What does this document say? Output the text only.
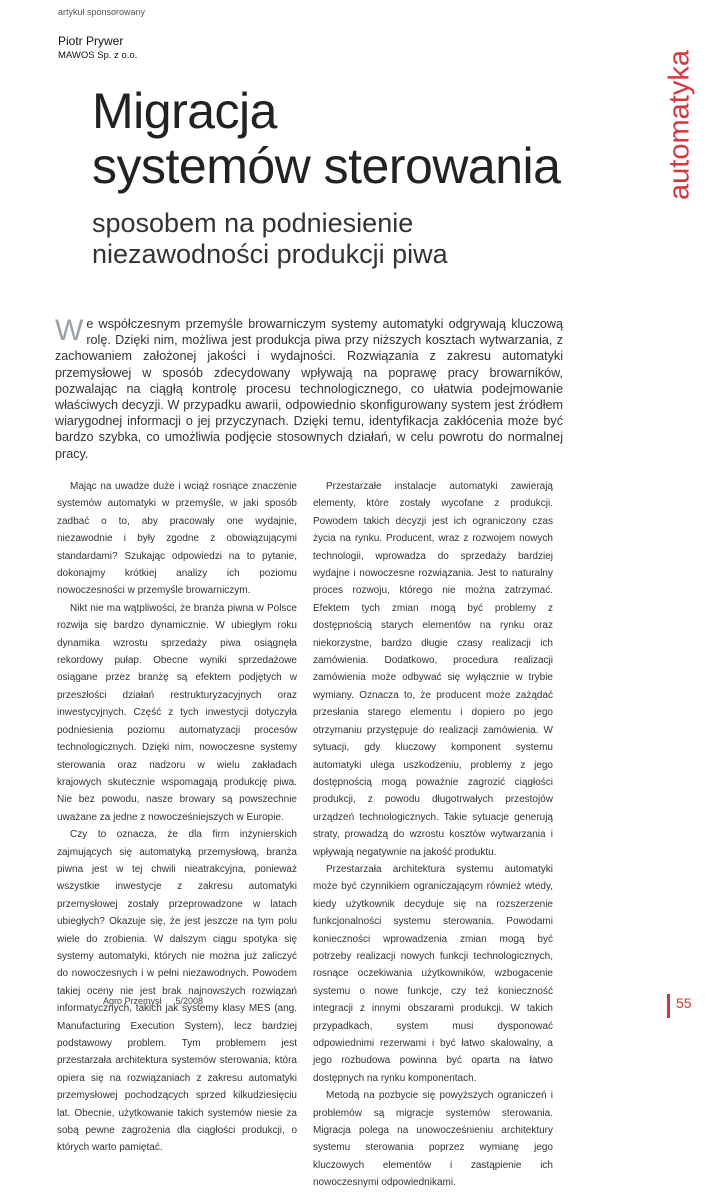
artykuł sponsorowany
Piotr Prywer
MAWOS Sp. z o.o.
Migracja
systemów sterowania
sposobem na podniesienie
niezawodności produkcji piwa
automatyka
We współczesnym przemyśle browarniczym systemy automatyki odgrywają kluczową rolę. Dzięki nim, możliwa jest produkcja piwa przy niższych kosztach wytwarzania, z zachowaniem założonej jakości i wydajności. Rozwiązania z zakresu automatyki przemysłowej w sposób zdecydowany wpływają na poprawę pracy browarników, pozwalając na ciągłą kontrolę procesu technologicznego, co ułatwia podejmowanie właściwych decyzji. W przypadku awarii, odpowiednio skonfigurowany system jest źródłem wiarygodnej informacji o jej przyczynach. Dzięki temu, identyfikacja zakłócenia może być bardzo szybka, co umożliwia podjęcie stosownych działań, w celu powrotu do normalnej pracy.

Mając na uwadze duże i wciąż rosnące znaczenie systemów automatyki w przemyśle, w jaki sposób zadbać o to, aby pracowały one wydajnie, niezawodnie i były zgodne z obowiązującymi standardami? Szukając odpowiedzi na to pytanie, dokonajmy krótkiej analizy ich poziomu nowoczesności w przemyśle browarniczym.

Nikt nie ma wątpliwości, że branża piwna w Polsce rozwija się bardzo dynamicznie. W ubiegłym roku dynamika wzrostu sprzedaży piwa osiągnęła rekordowy pułap. Obecne wyniki sprzedażowe osiągane przez branżę są efektem podjętych w przeszłości działań restrukturyzacyjnych oraz inwestycyjnych. Część z tych inwestycji dotyczyła podniesienia poziomu automatyzacji procesów technologicznych. Dzięki nim, nowoczesne systemy sterowania oraz nadzoru w wielu zakładach krajowych skutecznie wspomagają produkcję piwa. Nie bez powodu, nasze browary są powszechnie uważane za jedne z nowocześniejszych w Europie.

Czy to oznacza, że dla firm inżynierskich zajmujących się automatyką przemysłową, branża piwna jest w tej chwili nieatrakcyjna, ponieważ wszystkie inwestycje z zakresu automatyki przemysłowej zostały przeprowadzone w latach ubiegłych? Okazuje się, że jest jeszcze na tym polu wiele do zrobienia. W dalszym ciągu spotyka się systemy automatyki, których nie można już zaliczyć do nowoczesnych i w pełni niezawodnych. Powodem takiej oceny nie jest brak najnowszych rozwiązań informatycznych, takich jak systemy klasy MES (ang. Manufacturing Execution System), lecz bardziej podstawowy problem. Tym problemem jest przestarzała architektura systemów sterowania, która opiera się na rozwiązaniach z zakresu automatyki przemysłowej pochodzących sprzed kilkudziesięciu lat. Obecnie, użytkowanie takich systemów niesie za sobą pewne zagrożenia dla ciągłości produkcji, o których warto pamiętać.

Przestarzałe instalacje automatyki zawierają elementy, które zostały wycofane z produkcji. Powodem takich decyzji jest ich ograniczony czas życia na rynku. Producent, wraz z rozwojem nowych technologii, wprowadza do sprzedaży bardziej wydajne i nowoczesne rozwiązania. Jest to naturalny proces rozwoju, którego nie można zatrzymać. Efektem tych zmian mogą być problemy z dostępnością starych elementów na rynku oraz niekorzystne, bardzo długie czasy realizacji ich zamówienia. Dodatkowo, procedura realizacji zamówienia może odbywać się wyłącznie w trybie wymiany. Oznacza to, że producent może zażądać przesłania starego elementu i dopiero po jego otrzymaniu przystępuje do realizacji zamówienia. W sytuacji, gdy kluczowy komponent systemu automatyki ulega uszkodzeniu, problemy z jego dostępnością mogą poważnie zagrozić ciągłości produkcji, z powodu długotrwałych przestojów urządzeń technologicznych. Takie sytuacje generują straty, prowadzą do wzrostu kosztów wytwarzania i wpływają negatywnie na jakość produktu.

Przestarzała architektura systemu automatyki może być czynnikiem ograniczającym również wtedy, kiedy użytkownik decyduje się na rozszerzenie funkcjonalności systemu sterowania. Powodami konieczności wprowadzenia zmian mogą być potrzeby realizacji nowych funkcji technologicznych, rosnące oczekiwania użytkowników, wzbogacenie systemu o nowe funkcje, czy też konieczność integracji z innymi obszarami produkcji. W takich przypadkach, system musi dysponować odpowiednimi rezerwami i być łatwo skalowalny, a jego rozbudowa powinna być oparta na łatwo dostępnych na rynku komponentach.

Metodą na pozbycie się powyższych ograniczeń i problemów są migracje systemów sterowania. Migracja polega na unowocześnieniu architektury systemu sterowania poprzez wymianę jego kluczowych elementów i zastąpienie ich nowoczesnymi odpowiednikami.

Agro Przemysł 5/2008	55
